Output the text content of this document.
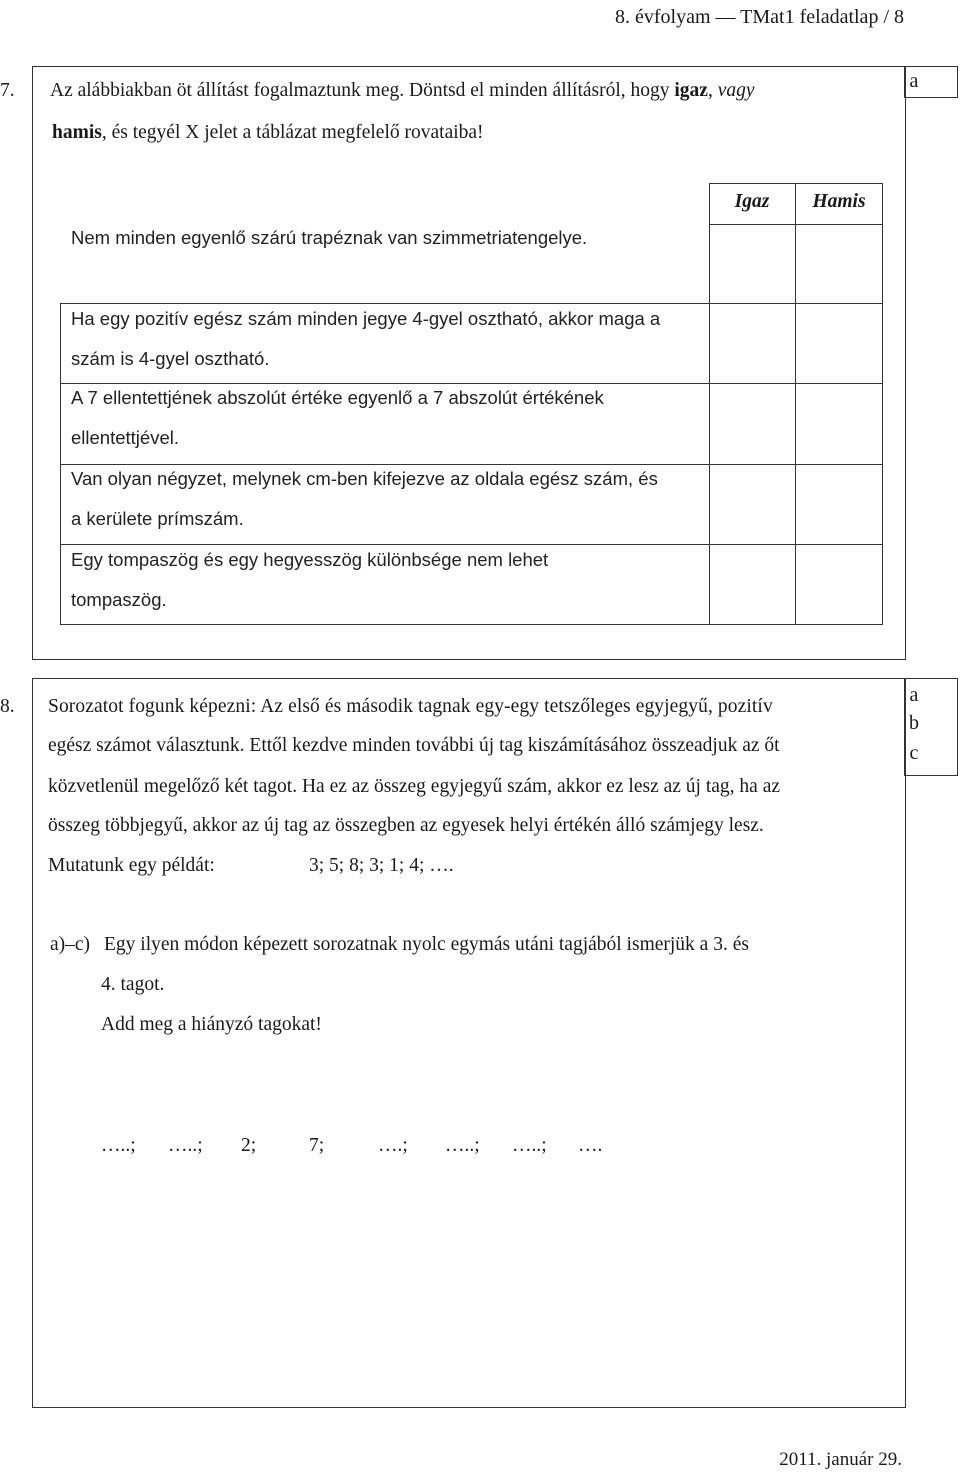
8. évfolyam — TMat1 feladatlap / 8
a
7. Az alábbiakban öt állítást fogalmaztunk meg. Döntsd el minden állításról, hogy igaz, vagy
hamis, és tegyél X jelet a táblázat megfelelő rovataiba!
Igaz	Hamis
Nem minden egyenlő szárú trapéznak van szimmetriatengelye.
Ha egy pozitív egész szám minden jegye 4-gyel osztható, akkor maga a szám is 4-gyel osztható.
A 7 ellentettjének abszolút értéke egyenlő a 7 abszolút értékének ellentettjével.
Van olyan négyzet, melynek cm-ben kifejezve az oldala egész szám, és a kerülete prímszám.
Egy tompaszög és egy hegyesszög különbsége nem lehet tompaszög.
a
b
c
8. Sorozatot fogunk képezni: Az első és második tagnak egy-egy tetszőleges egyjegyű, pozitív
egész számot választunk. Ettől kezdve minden további új tag kiszámításához összeadjuk az őt
közvetlenül megelőző két tagot. Ha ez az összeg egyjegyű szám, akkor ez lesz az új tag, ha az
összeg többjegyű, akkor az új tag az összegben az egyesek helyi értékén álló számjegy lesz.
Mutatunk egy példát:	3; 5; 8; 3; 1; 4; ….
a)–c) Egy ilyen módon képezett sorozatnak nyolc egymás utáni tagjából ismerjük a 3. és
4. tagot.
Add meg a hiányzó tagokat!
…..; …..; 2;	7;	….; …..; …..; ….
2011. január 29.
